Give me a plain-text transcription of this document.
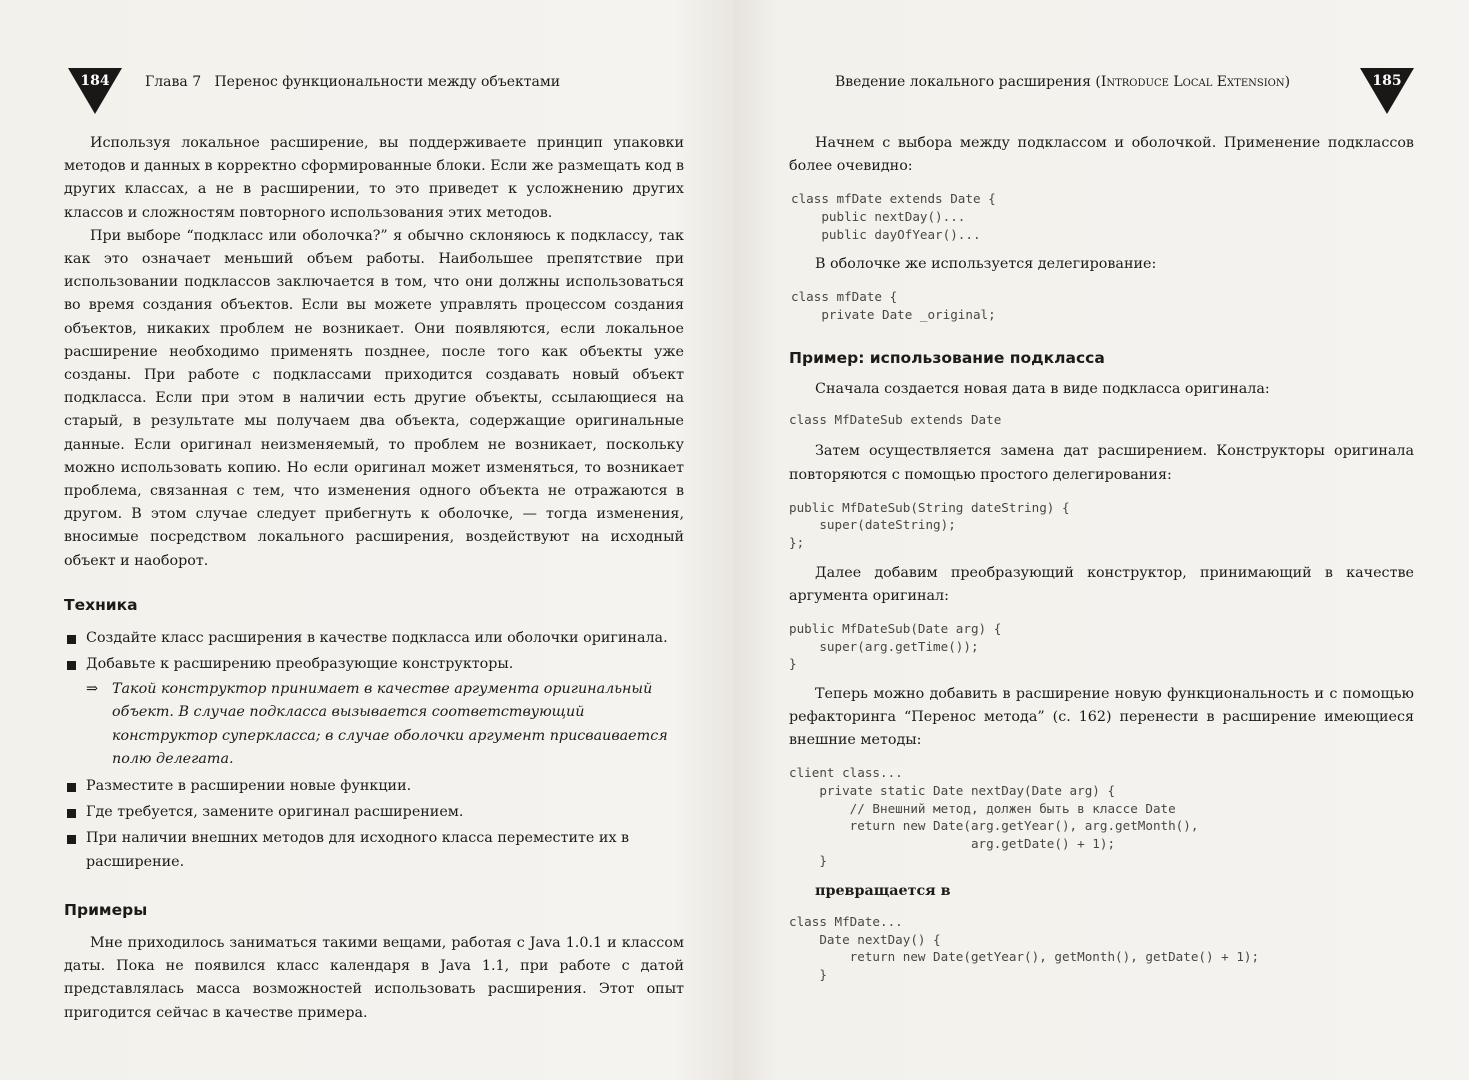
184	Глава 7 Перенос функциональности между объектами

Используя локальное расширение, вы поддерживаете принцип упаковки методов и данных в корректно сформированные блоки. Если же размещать код в других классах, а не в расширении, то это приведет к усложнению других классов и сложностям повторного использования этих методов.

При выборе “подкласс или оболочка?” я обычно склоняюсь к подклассу, так как это означает меньший объем работы. Наибольшее препятствие при использовании подклассов заключается в том, что они должны использоваться во время создания объектов. Если вы можете управлять процессом создания объектов, никаких проблем не возникает. Они появляются, если локальное расширение необходимо применять позднее, после того как объекты уже созданы. При работе с подклассами приходится создавать новый объект подкласса. Если при этом в наличии есть другие объекты, ссылающиеся на старый, в результате мы получаем два объекта, содержащие оригинальные данные. Если оригинал неизменяемый, то проблем не возникает, поскольку можно использовать копию. Но если оригинал может изменяться, то возникает проблема, связанная с тем, что изменения одного объекта не отражаются в другом. В этом случае следует прибегнуть к оболочке, — тогда изменения, вносимые посредством локального расширения, воздействуют на исходный объект и наоборот.

Техника
Создайте класс расширения в качестве подкласса или оболочки оригинала.
Добавьте к расширению преобразующие конструкторы.
⇒ Такой конструктор принимает в качестве аргумента оригинальный объект. В случае подкласса вызывается соответствующий конструктор суперкласса; в случае оболочки аргумент присваивается полю делегата.
Разместите в расширении новые функции.
Где требуется, замените оригинал расширением.
При наличии внешних методов для исходного класса переместите их в расширение.
Примеры

Мне приходилось заниматься такими вещами, работая с Java 1.0.1 и классом даты. Пока не появился класс календаря в Java 1.1, при работе с датой представлялась масса возможностей использовать расширения. Этот опыт пригодится сейчас в качестве примера.

Введение локального расширения (Introduce Local Extension)	185

Начнем с выбора между подклассом и оболочкой. Применение подклассов более очевидно:

class mfDate extends Date {
public nextDay()...
public dayOfYear()...

В оболочке же используется делегирование:

class mfDate {
private Date _original;
Пример: использование подкласса

Сначала создается новая дата в виде подкласса оригинала:

class MfDateSub extends Date

Затем осуществляется замена дат расширением. Конструкторы оригинала повторяются с помощью простого делегирования:

public MfDateSub(String dateString) {
super(dateString);
};

Далее добавим преобразующий конструктор, принимающий в качестве аргумента оригинал:

public MfDateSub(Date arg) {
super(arg.getTime());
}

Теперь можно добавить в расширение новую функциональность и с помощью рефакторинга “Перенос метода” (с. 162) перенести в расширение имеющиеся внешние методы:

client class...
private static Date nextDay(Date arg) {
// Внешний метод, должен быть в классе Date
return new Date(arg.getYear(), arg.getMonth(),
arg.getDate() + 1);
}

превращается в

class MfDate...
Date nextDay() {
return new Date(getYear(), getMonth(), getDate() + 1);
}
